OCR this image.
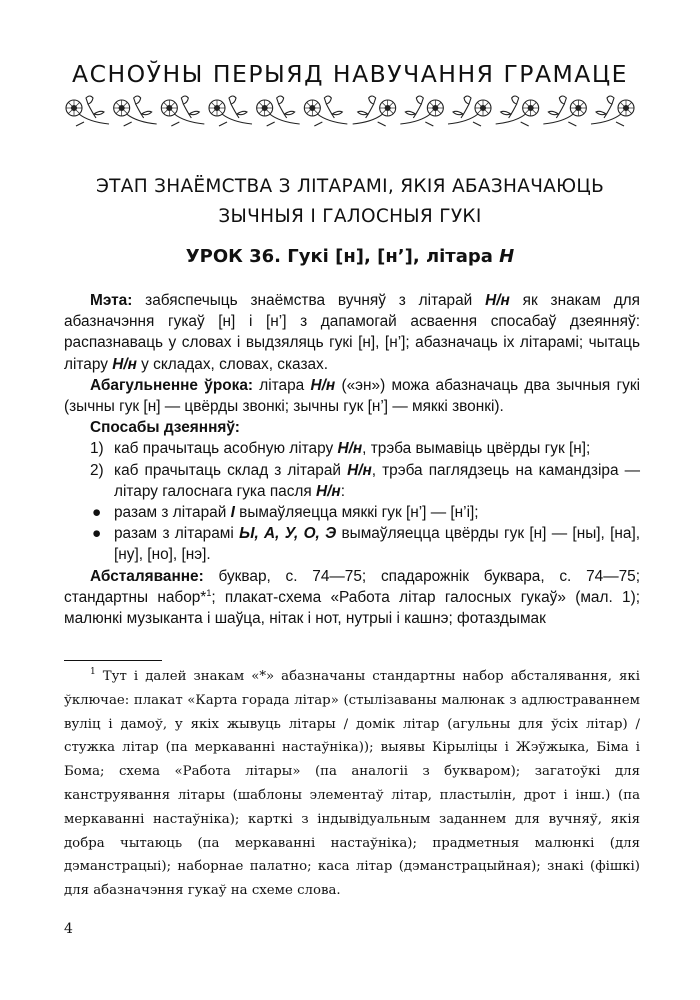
АСНОЎНЫ ПЕРЫЯД НАВУЧАННЯ ГРАМАЦЕ
ЭТАП ЗНАЁМСТВА З ЛІТАРАМІ, ЯКІЯ АБАЗНАЧАЮЦЬ
ЗЫЧНЫЯ І ГАЛОСНЫЯ ГУКІ
УРОК 36. Гукі [н], [н’], літара Н

Мэта: забяспечыць знаёмства вучняў з літарай Н/н як знакам для абазначэння гукаў [н] і [н’] з дапамогай асваення спосабаў дзеянняў: распазнаваць у словах і выдзяляць гукі [н], [н’]; абазначаць іх літарамі; чытаць літару Н/н у складах, словах, сказах.

Абагульненне ўрока: літара Н/н («эн») можа абазначаць два зычныя гукі (зычны гук [н] — цвёрды звонкі; зычны гук [н’] — мяккі звонкі).

Спосабы дзеянняў:

1) каб прачытаць асобную літару Н/н, трэба вымавіць цвёрды гук [н];
2) каб прачытаць склад з літарай Н/н, трэба паглядзець на камандзіра — літару галоснага гука пасля Н/н:
● разам з літарай І вымаўляецца мяккі гук [н’] — [н’і];
● разам з літарамі Ы, А, У, О, Э вымаўляецца цвёрды гук [н] — [ны], [на], [ну], [но], [нэ].

Абсталяванне: буквар, с. 74—75; спадарожнік буквара, с. 74—75; стандартны набор*$^1$; плакат-схема «Работа літар галосных гукаў» (мал. 1); малюнкі музыканта і шаўца, нітак і нот, нутрыі і кашнэ; фотаздымак

$^1$ Тут і далей знакам «*» абазначаны стандартны набор абсталявання, які ўключае: плакат «Карта горада літар» (стылізаваны малюнак з адлюстраваннем вуліц і дамоў, у якіх жывуць літары / домік літар (агульны для ўсіх літар) / стужка літар (па меркаванні настаўніка)); выявы Кірыліцы і Жэўжыка, Біма і Бома; схема «Работа літары» (па аналогіі з букваром); загатоўкі для канструявання літары (шаблоны элементаў літар, пластылін, дрот і інш.) (па меркаванні настаўніка); карткі з індывідуальным заданнем для вучняў, якія добра чытаюць (па меркаванні настаўніка); прадметныя малюнкі (для дэманстрацыі); наборнае палатно; каса літар (дэманстрацыйная); знакі (фішкі) для абазначэння гукаў на схеме слова.

4
